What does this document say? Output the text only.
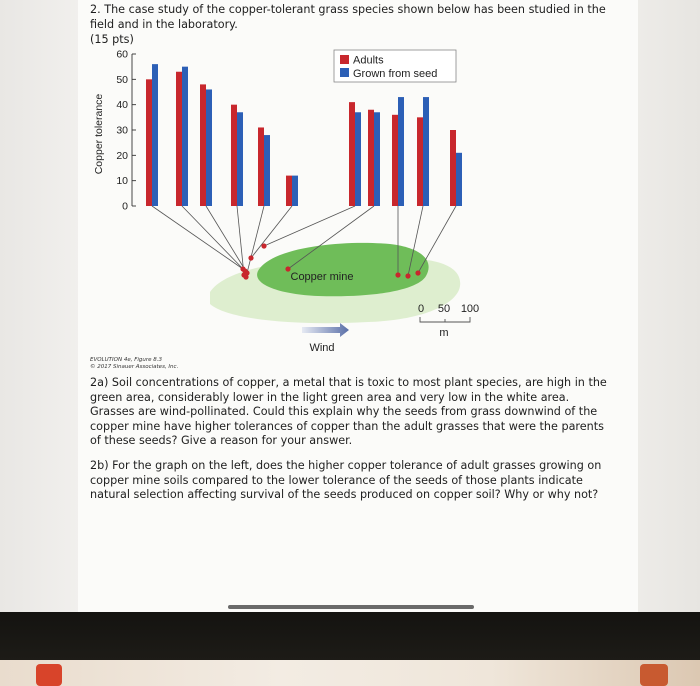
2. The case study of the copper-tolerant grass species shown below has been studied in the field and in the laboratory.

(15 pts)
0
10
20
30
40
50
60
Copper tolerance
Adults
Grown from seed
Copper mine
0 50 100
m
Wind
EVOLUTION 4e, Figure 8.3
© 2017 Sinauer Associates, Inc.

2a) Soil concentrations of copper, a metal that is toxic to most plant species, are high in the green area, considerably lower in the light green area and very low in the white area. Grasses are wind-pollinated. Could this explain why the seeds from grass downwind of the copper mine have higher tolerances of copper than the adult grasses that were the parents of these seeds? Give a reason for your answer.

2b) For the graph on the left, does the higher copper tolerance of adult grasses growing on copper mine soils compared to the lower tolerance of the seeds of those plants indicate natural selection affecting survival of the seeds produced on copper soil? Why or why not?
